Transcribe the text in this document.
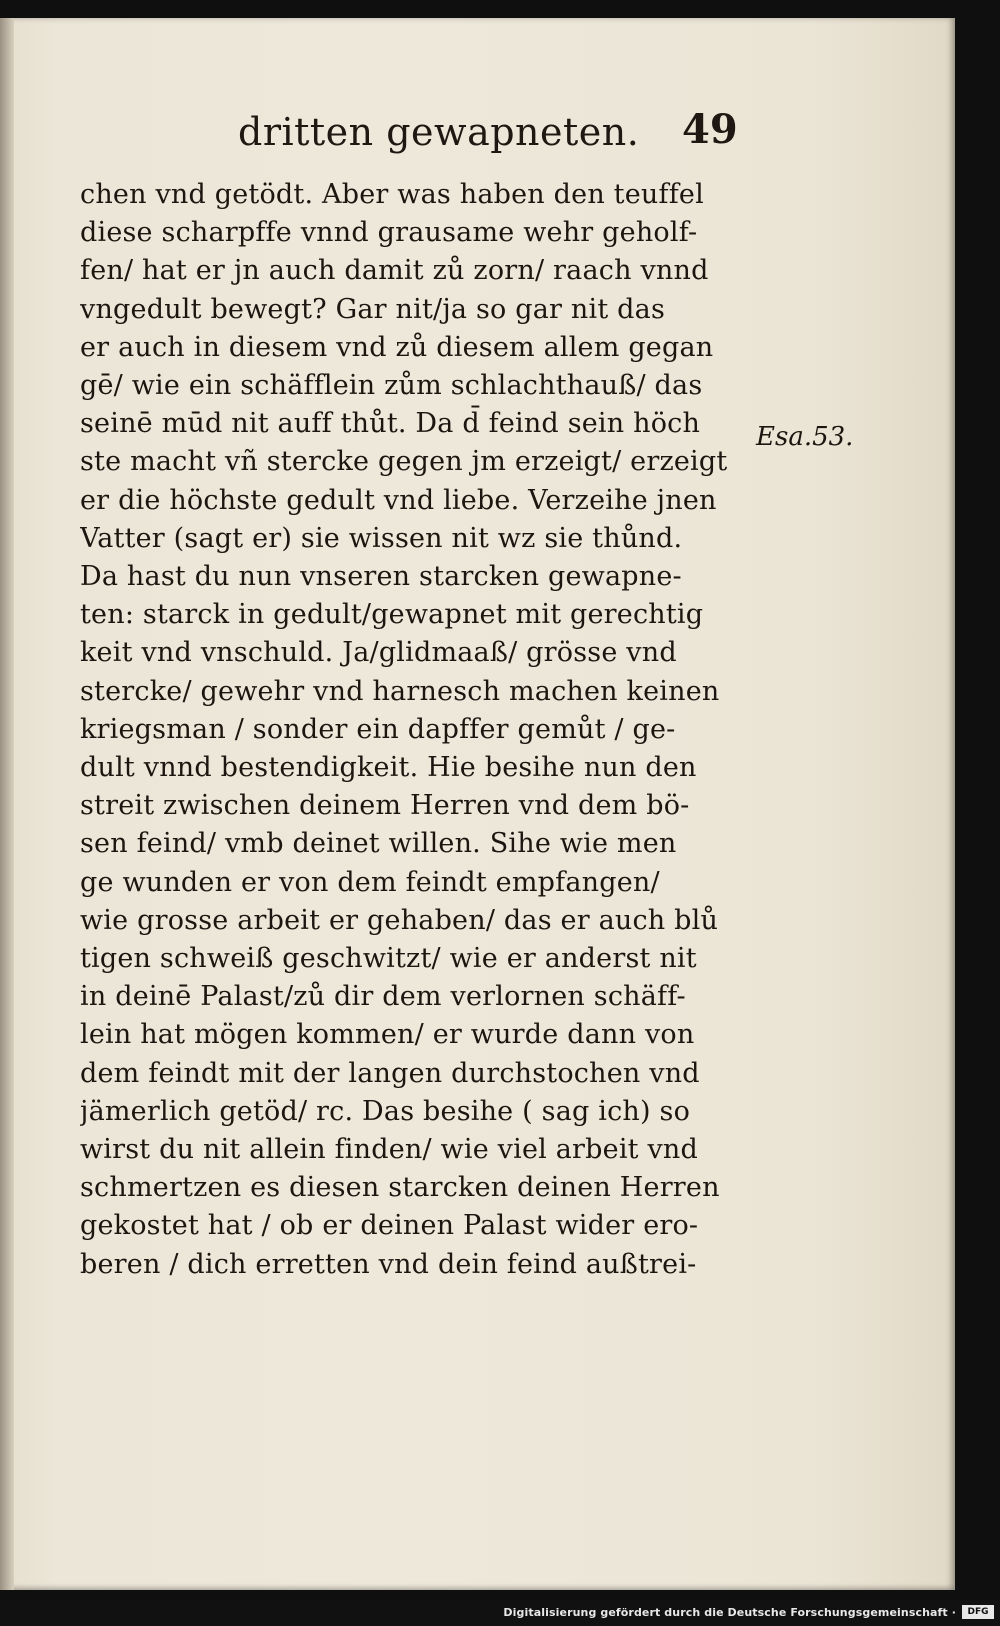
dritten gewapneten. 49
Esa.53.
chen vnd getödt. Aber was haben den teuffel
diese scharpffe vnnd grausame wehr geholf-
fen/ hat er jn auch damit zů zorn/ raach vnnd
vngedult bewegt? Gar nit/ja so gar nit das
er auch in diesem vnd zů diesem allem gegan
gē/ wie ein schäfflein zům schlachthauß/ das
seinē mūd nit auff thůt. Da d̄ feind sein höch
ste macht vñ stercke gegen jm erzeigt/ erzeigt
er die höchste gedult vnd liebe. Verzeihe jnen
Vatter (sagt er) sie wissen nit wz sie thůnd.
Da hast du nun vnseren starcken gewapne-
ten: starck in gedult/gewapnet mit gerechtig
keit vnd vnschuld. Ja/glidmaaß/ grösse vnd
stercke/ gewehr vnd harnesch machen keinen
kriegsman / sonder ein dapffer gemůt / ge-
dult vnnd bestendigkeit. Hie besihe nun den
streit zwischen deinem Herren vnd dem bö-
sen feind/ vmb deinet willen. Sihe wie men
ge wunden er von dem feindt empfangen/
wie grosse arbeit er gehaben/ das er auch blů
tigen schweiß geschwitzt/ wie er anderst nit
in deinē Palast/zů dir dem verlornen schäff-
lein hat mögen kommen/ er wurde dann von
dem feindt mit der langen durchstochen vnd
jämerlich getöd/ rc. Das besihe ( sag ich) so
wirst du nit allein finden/ wie viel arbeit vnd
schmertzen es diesen starcken deinen Herren
gekostet hat / ob er deinen Palast wider ero-
beren / dich erretten vnd dein feind außtrei-
Digitalisierung gefördert durch die Deutsche Forschungsgemeinschaft ·	DFG
